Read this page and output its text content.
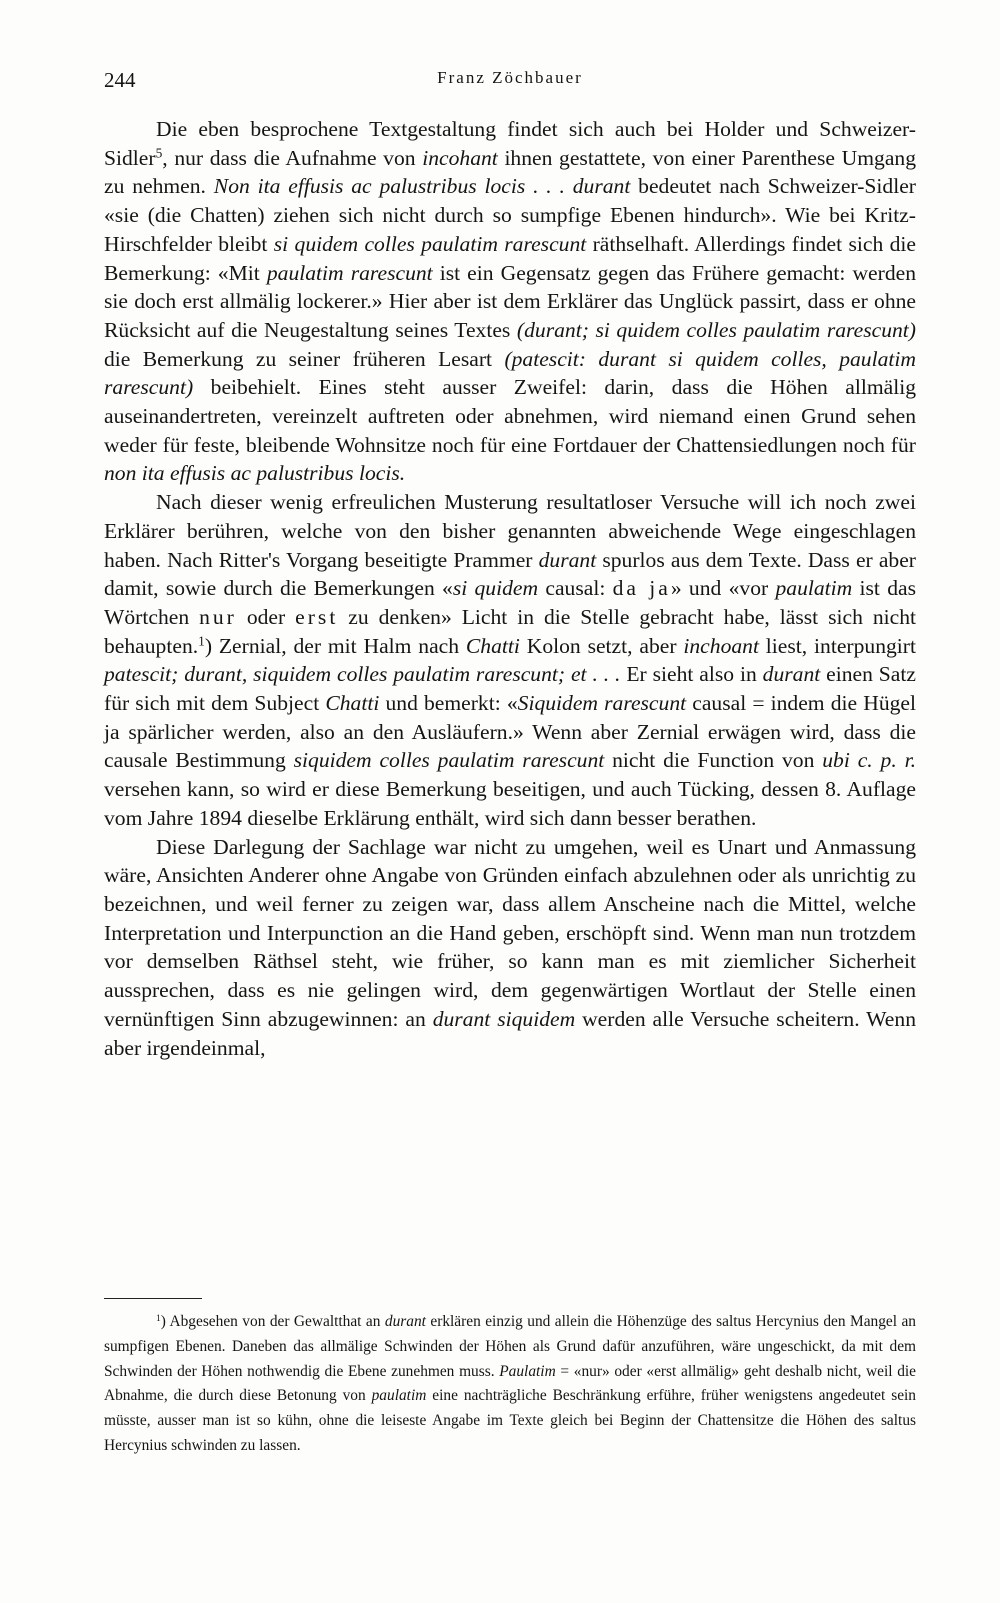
244	Franz Zöchbauer

Die eben besprochene Textgestaltung findet sich auch bei Holder und Schweizer-Sidler$^5$, nur dass die Aufnahme von incohant ihnen gestattete, von einer Parenthese Umgang zu nehmen. Non ita effusis ac palustribus locis . . . durant bedeutet nach Schweizer-Sidler «sie (die Chatten) ziehen sich nicht durch so sumpfige Ebenen hindurch». Wie bei Kritz-Hirschfelder bleibt si quidem colles paulatim rarescunt räthselhaft. Allerdings findet sich die Bemerkung: «Mit paulatim rarescunt ist ein Gegensatz gegen das Frühere gemacht: werden sie doch erst allmälig lockerer.» Hier aber ist dem Erklärer das Unglück passirt, dass er ohne Rücksicht auf die Neugestaltung seines Textes (durant; si quidem colles paulatim rarescunt) die Bemerkung zu seiner früheren Lesart (patescit: durant si quidem colles, paulatim rarescunt) beibehielt. Eines steht ausser Zweifel: darin, dass die Höhen allmälig auseinandertreten, vereinzelt auftreten oder abnehmen, wird niemand einen Grund sehen weder für feste, bleibende Wohnsitze noch für eine Fortdauer der Chattensiedlungen noch für non ita effusis ac palustribus locis.

Nach dieser wenig erfreulichen Musterung resultatloser Versuche will ich noch zwei Erklärer berühren, welche von den bisher genannten abweichende Wege eingeschlagen haben. Nach Ritter's Vorgang beseitigte Prammer durant spurlos aus dem Texte. Dass er aber damit, sowie durch die Bemerkungen «si quidem causal: da ja» und «vor paulatim ist das Wörtchen nur oder erst zu denken» Licht in die Stelle gebracht habe, lässt sich nicht behaupten.$^1$) Zernial, der mit Halm nach Chatti Kolon setzt, aber inchoant liest, interpungirt patescit; durant, siquidem colles paulatim rarescunt; et . . . Er sieht also in durant einen Satz für sich mit dem Subject Chatti und bemerkt: «Siquidem rarescunt causal = indem die Hügel ja spärlicher werden, also an den Ausläufern.» Wenn aber Zernial erwägen wird, dass die causale Bestimmung siquidem colles paulatim rarescunt nicht die Function von ubi c. p. r. versehen kann, so wird er diese Bemerkung beseitigen, und auch Tücking, dessen 8. Auflage vom Jahre 1894 dieselbe Erklärung enthält, wird sich dann besser berathen.

Diese Darlegung der Sachlage war nicht zu umgehen, weil es Unart und Anmassung wäre, Ansichten Anderer ohne Angabe von Gründen einfach abzulehnen oder als unrichtig zu bezeichnen, und weil ferner zu zeigen war, dass allem Anscheine nach die Mittel, welche Interpretation und Interpunction an die Hand geben, erschöpft sind. Wenn man nun trotzdem vor demselben Räthsel steht, wie früher, so kann man es mit ziemlicher Sicherheit aussprechen, dass es nie gelingen wird, dem gegenwärtigen Wortlaut der Stelle einen vernünftigen Sinn abzugewinnen: an durant siquidem werden alle Versuche scheitern. Wenn aber irgendeinmal,

$^1$) Abgesehen von der Gewaltthat an durant erklären einzig und allein die Höhenzüge des saltus Hercynius den Mangel an sumpfigen Ebenen. Daneben das allmälige Schwinden der Höhen als Grund dafür anzuführen, wäre ungeschickt, da mit dem Schwinden der Höhen nothwendig die Ebene zunehmen muss. Paulatim = «nur» oder «erst allmälig» geht deshalb nicht, weil die Abnahme, die durch diese Betonung von paulatim eine nachträgliche Beschränkung erführe, früher wenigstens angedeutet sein müsste, ausser man ist so kühn, ohne die leiseste Angabe im Texte gleich bei Beginn der Chattensitze die Höhen des saltus Hercynius schwinden zu lassen.
